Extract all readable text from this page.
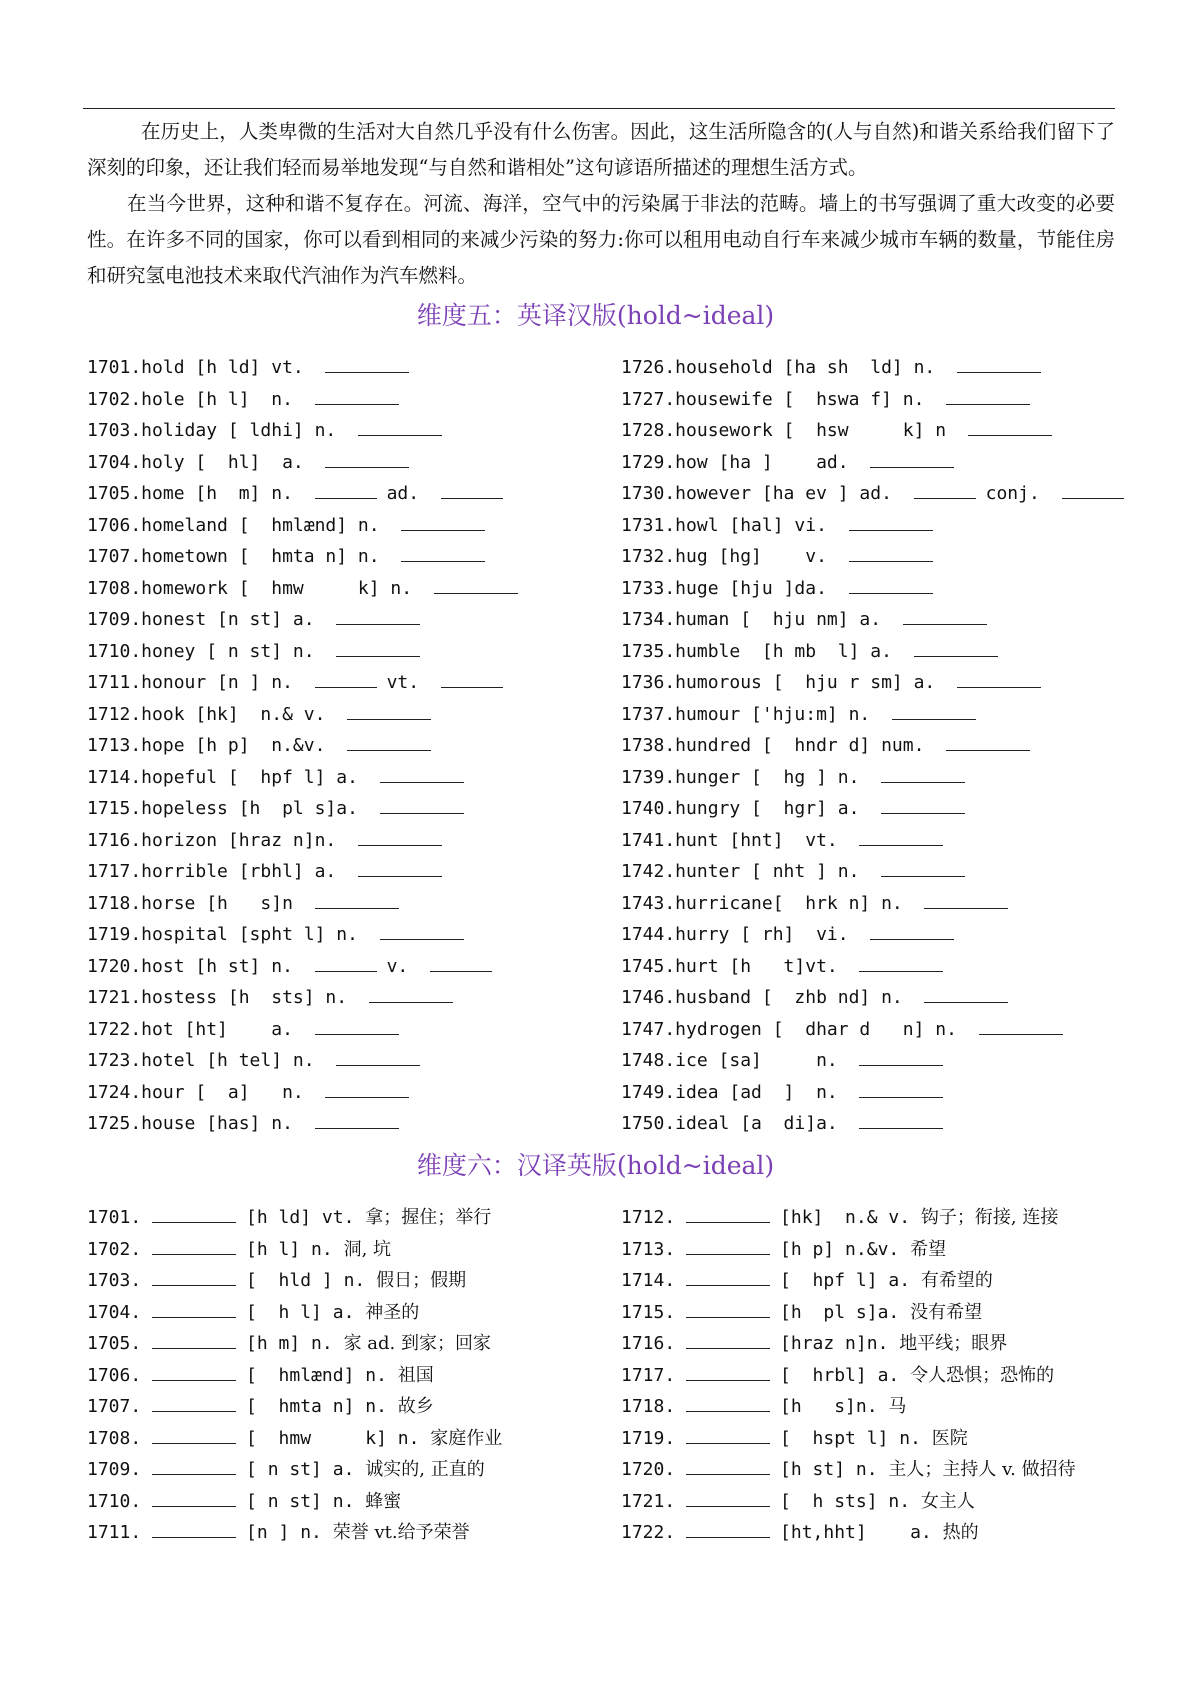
在历史上，人类卑微的生活对大自然几乎没有什么伤害。因此，这生活所隐含的(人与自然)和谐关系给我们留下了深刻的印象，还让我们轻而易举地发现“与自然和谐相处”这句谚语所描述的理想生活方式。

在当今世界，这种和谐不复存在。河流、海洋，空气中的污染属于非法的范畴。墙上的书写强调了重大改变的必要性。在许多不同的国家，你可以看到相同的来减少污染的努力:你可以租用电动自行车来减少城市车辆的数量，节能住房和研究氢电池技术来取代汽油作为汽车燃料。

维度五：英译汉版(hold~ideal)
1701.hold [h ld] vt.
1702.hole [h l]  n.
1703.holiday [ ldhi] n.
1704.holy [  hl]  a.
1705.home [h  m] n.	ad.
1706.homeland [  hmlænd] n.
1707.hometown [  hmta n] n.
1708.homework [  hmw     k] n.
1709.honest [n st] a.
1710.honey [ n st] n.
1711.honour [n ] n.	vt.
1712.hook [hk]  n.& v.
1713.hope [h p]  n.&v.
1714.hopeful [  hpf l] a.
1715.hopeless [h  pl s]a.
1716.horizon [hraz n]n.
1717.horrible [rbhl] a.
1718.horse [h   s]n
1719.hospital [spht l] n.
1720.host [h st] n.	v.
1721.hostess [h  sts] n.
1722.hot [ht]    a.
1723.hotel [h tel] n.
1724.hour [  a]   n.
1725.house [has] n.
1726.household [ha sh  ld] n.
1727.housewife [  hswa f] n.
1728.housework [  hsw     k] n
1729.how [ha ]    ad.
1730.however [ha ev ] ad.	conj.
1731.howl [hal] vi.
1732.hug [hg]    v.
1733.huge [hju ]da.
1734.human [  hju nm] a.
1735.humble  [h mb  l] a.
1736.humorous [  hju r sm] a.
1737.humour ['hju:m] n.
1738.hundred [  hndr d] num.
1739.hunger [  hg ] n.
1740.hungry [  hgr] a.
1741.hunt [hnt]  vt.
1742.hunter [ nht ] n.
1743.hurricane[  hrk n] n.
1744.hurry [ rh]  vi.
1745.hurt [h   t]vt.
1746.husband [  zhb nd] n.
1747.hydrogen [  dhar d   n] n.
1748.ice [sa]     n.
1749.idea [ad  ]  n.
1750.ideal [a  di]a.
维度六：汉译英版(hold~ideal)
1701.	[h ld] vt. 拿；握住；举行
1702.	[h l] n. 洞, 坑
1703.	[  hld ] n. 假日；假期
1704.	[  h l] a. 神圣的
1705.	[h m] n. 家 ad. 到家；回家
1706.	[  hmlænd] n. 祖国
1707.	[  hmta n] n. 故乡
1708.	[  hmw     k] n. 家庭作业
1709.	[ n st] a. 诚实的, 正直的
1710.	[ n st] n. 蜂蜜
1711.	[n ] n. 荣誉 vt.给予荣誉
1712.	[hk]  n.& v. 钩子；衔接, 连接
1713.	[h p] n.&v. 希望
1714.	[  hpf l] a. 有希望的
1715.	[h  pl s]a. 没有希望
1716.	[hraz n]n. 地平线；眼界
1717.	[  hrbl] a. 令人恐惧；恐怖的
1718.	[h   s]n. 马
1719.	[  hspt l] n. 医院
1720.	[h st] n. 主人；主持人 v. 做招待
1721.	[  h sts] n. 女主人
1722.	[ht,hht]    a. 热的
